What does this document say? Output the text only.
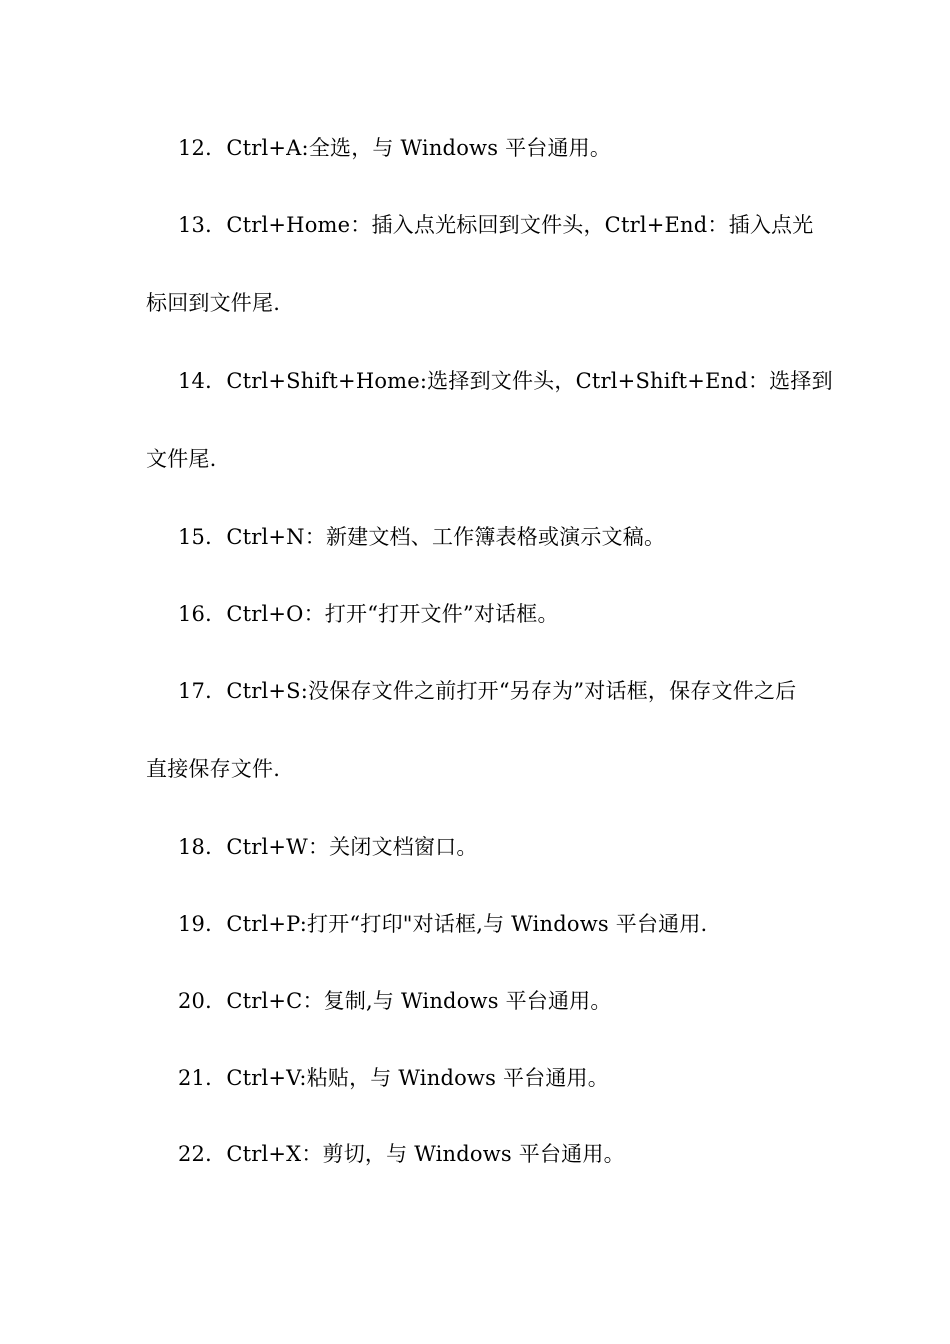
12．Ctrl+A:全选，与 Windows 平台通用。
13．Ctrl+Home：插入点光标回到文件头，Ctrl+End：插入点光
标回到文件尾.
14．Ctrl+Shift+Home:选择到文件头，Ctrl+Shift+End：选择到
文件尾.
15．Ctrl+N：新建文档、工作簿表格或演示文稿。
16．Ctrl+O：打开“打开文件”对话框。
17．Ctrl+S:没保存文件之前打开“另存为”对话框，保存文件之后
直接保存文件.
18．Ctrl+W：关闭文档窗口。
19．Ctrl+P:打开“打印"对话框,与 Windows 平台通用.
20．Ctrl+C：复制,与 Windows 平台通用。
21．Ctrl+V:粘贴，与 Windows 平台通用。
22．Ctrl+X：剪切，与 Windows 平台通用。
